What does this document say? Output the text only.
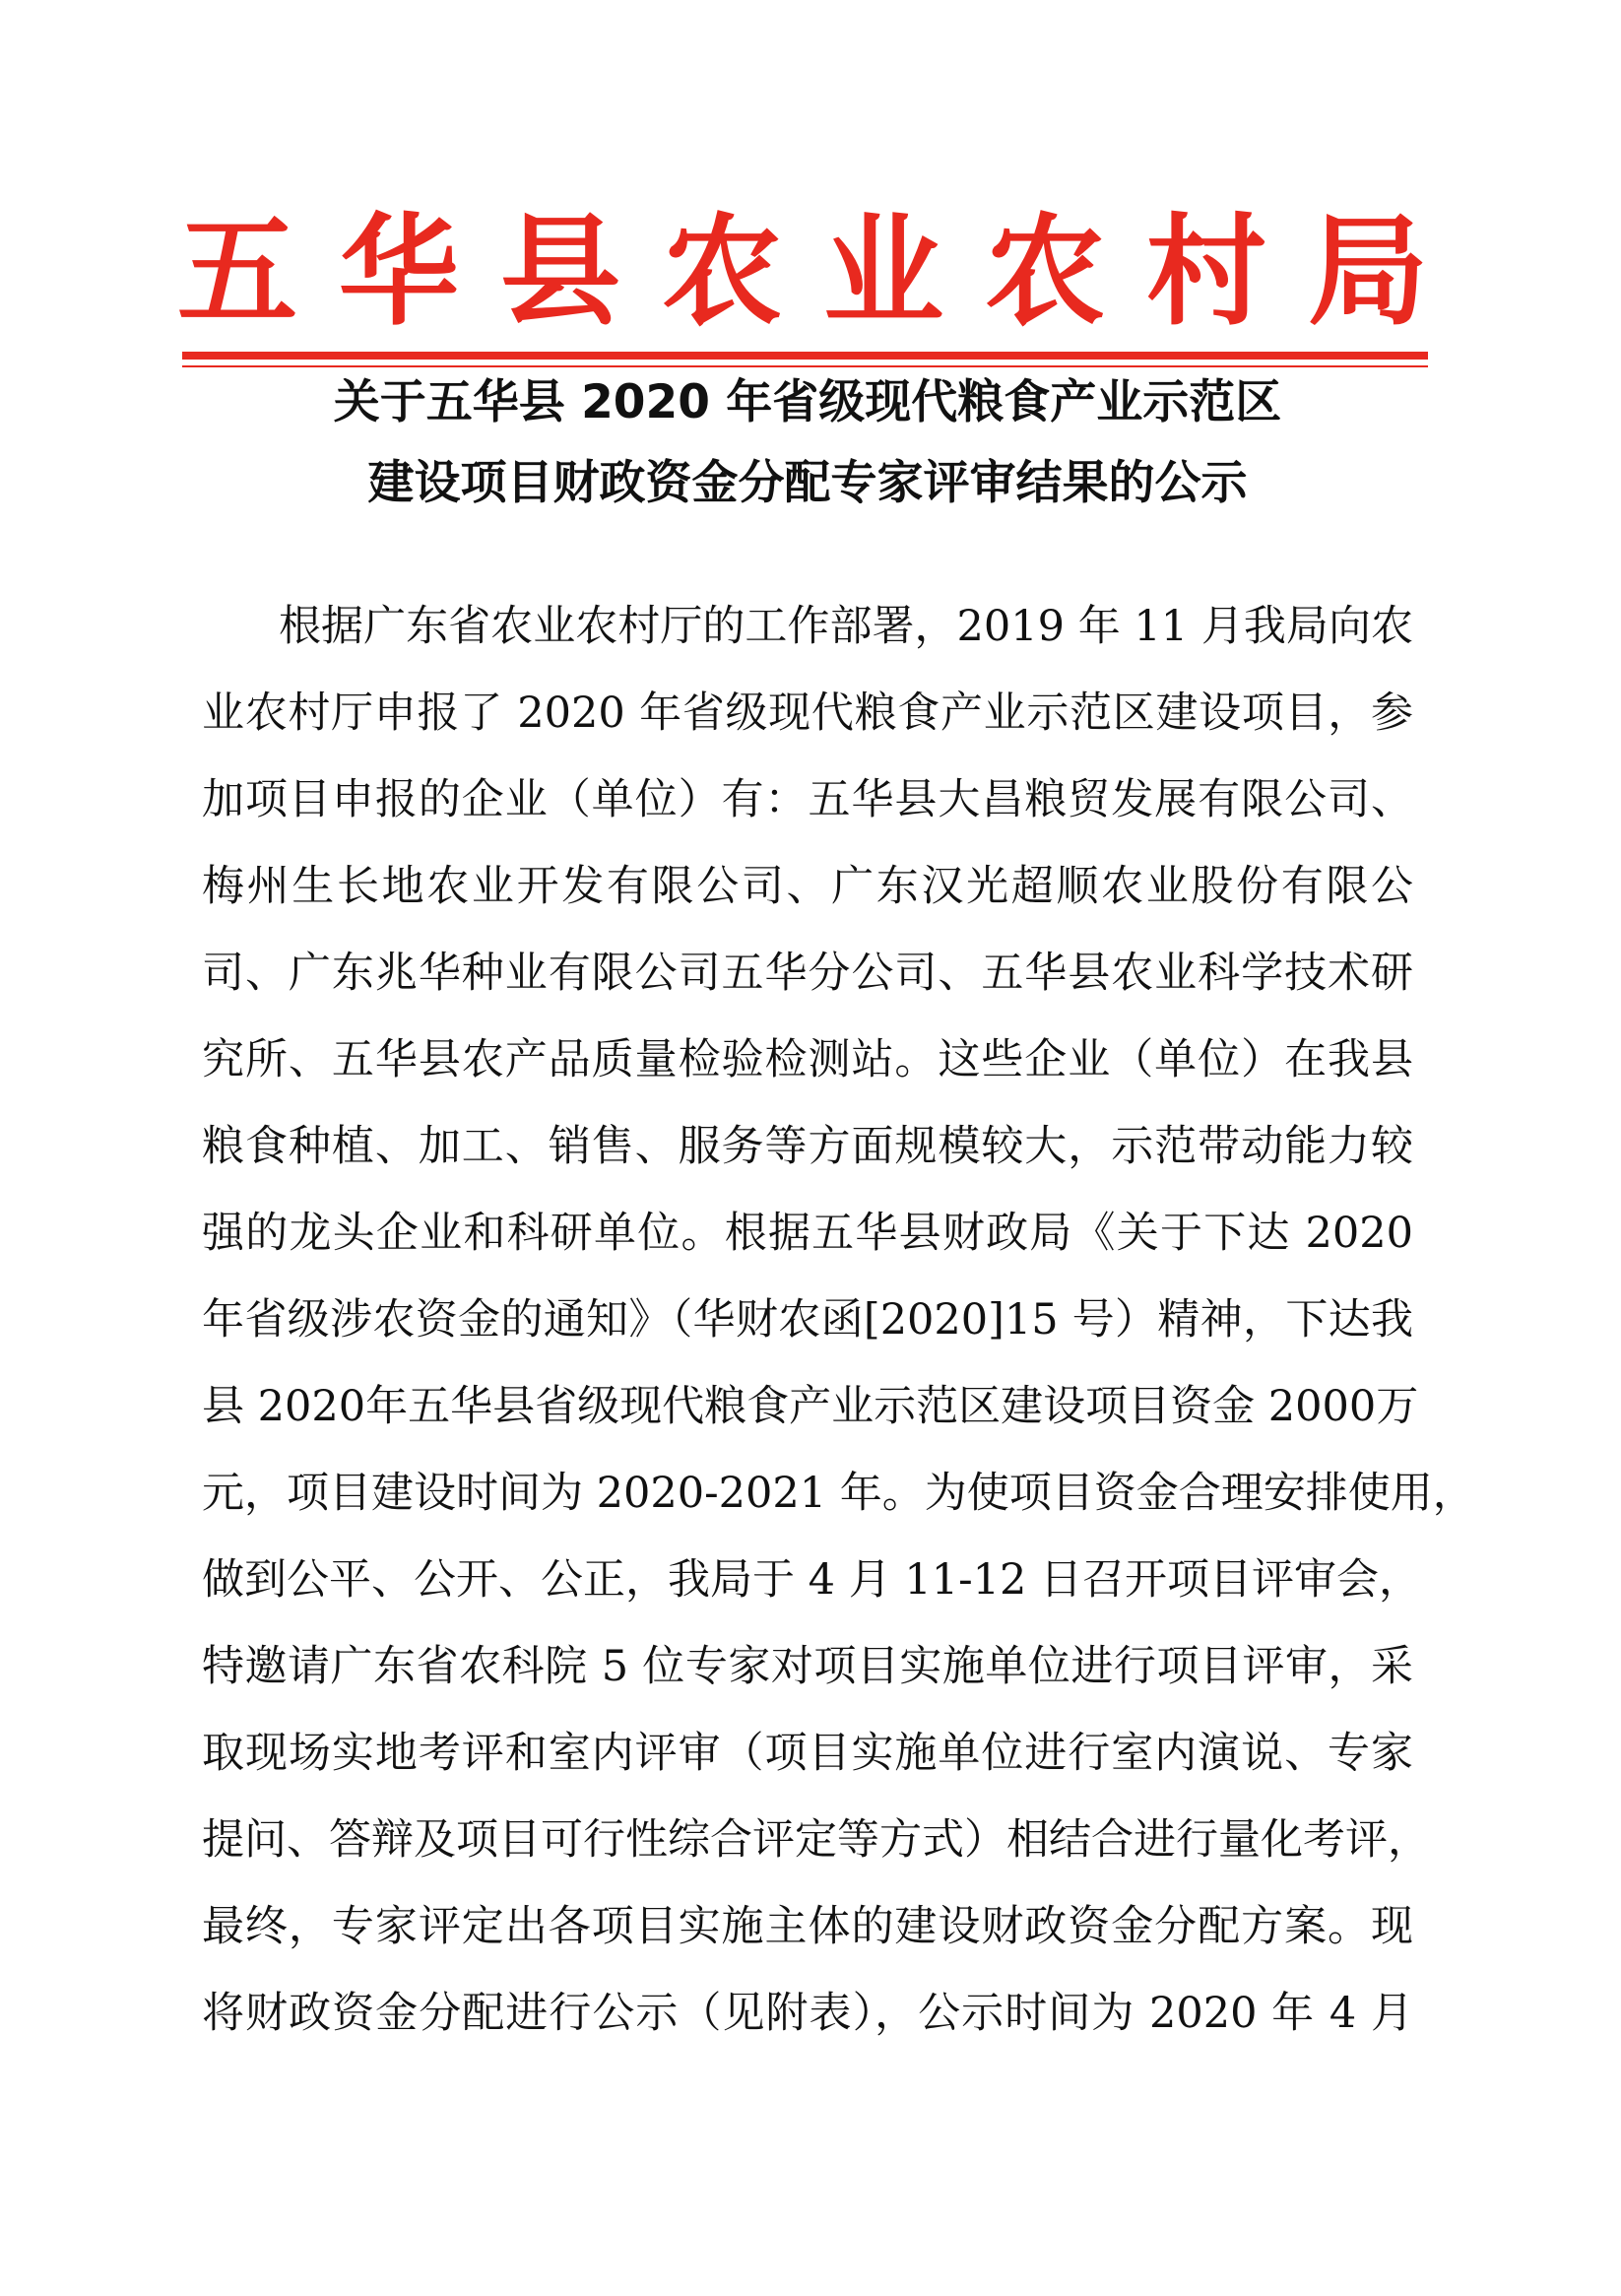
五华县农业农村局
关于五华县 2020 年省级现代粮食产业示范区
建设项目财政资金分配专家评审结果的公示
根据广东省农业农村厅的工作部署，2019 年 11 月我局向农
业农村厅申报了 2020 年省级现代粮食产业示范区建设项目，参
加项目申报的企业（单位）有：五华县大昌粮贸发展有限公司、
梅州生长地农业开发有限公司、广东汉光超顺农业股份有限公
司、广东兆华种业有限公司五华分公司、五华县农业科学技术研
究所、五华县农产品质量检验检测站。这些企业（单位）在我县
粮食种植、加工、销售、服务等方面规模较大，示范带动能力较
强的龙头企业和科研单位。根据五华县财政局《关于下达 2020
年省级涉农资金的通知》（华财农函[2020]15 号）精神，下达我
县 2020年五华县省级现代粮食产业示范区建设项目资金 2000万
元，项目建设时间为 2020-2021 年。为使项目资金合理安排使用，
做到公平、公开、公正，我局于 4 月 11-12 日召开项目评审会，
特邀请广东省农科院 5 位专家对项目实施单位进行项目评审，采
取现场实地考评和室内评审（项目实施单位进行室内演说、专家
提问、答辩及项目可行性综合评定等方式）相结合进行量化考评，
最终，专家评定出各项目实施主体的建设财政资金分配方案。现
将财政资金分配进行公示（见附表），公示时间为 2020 年 4 月
